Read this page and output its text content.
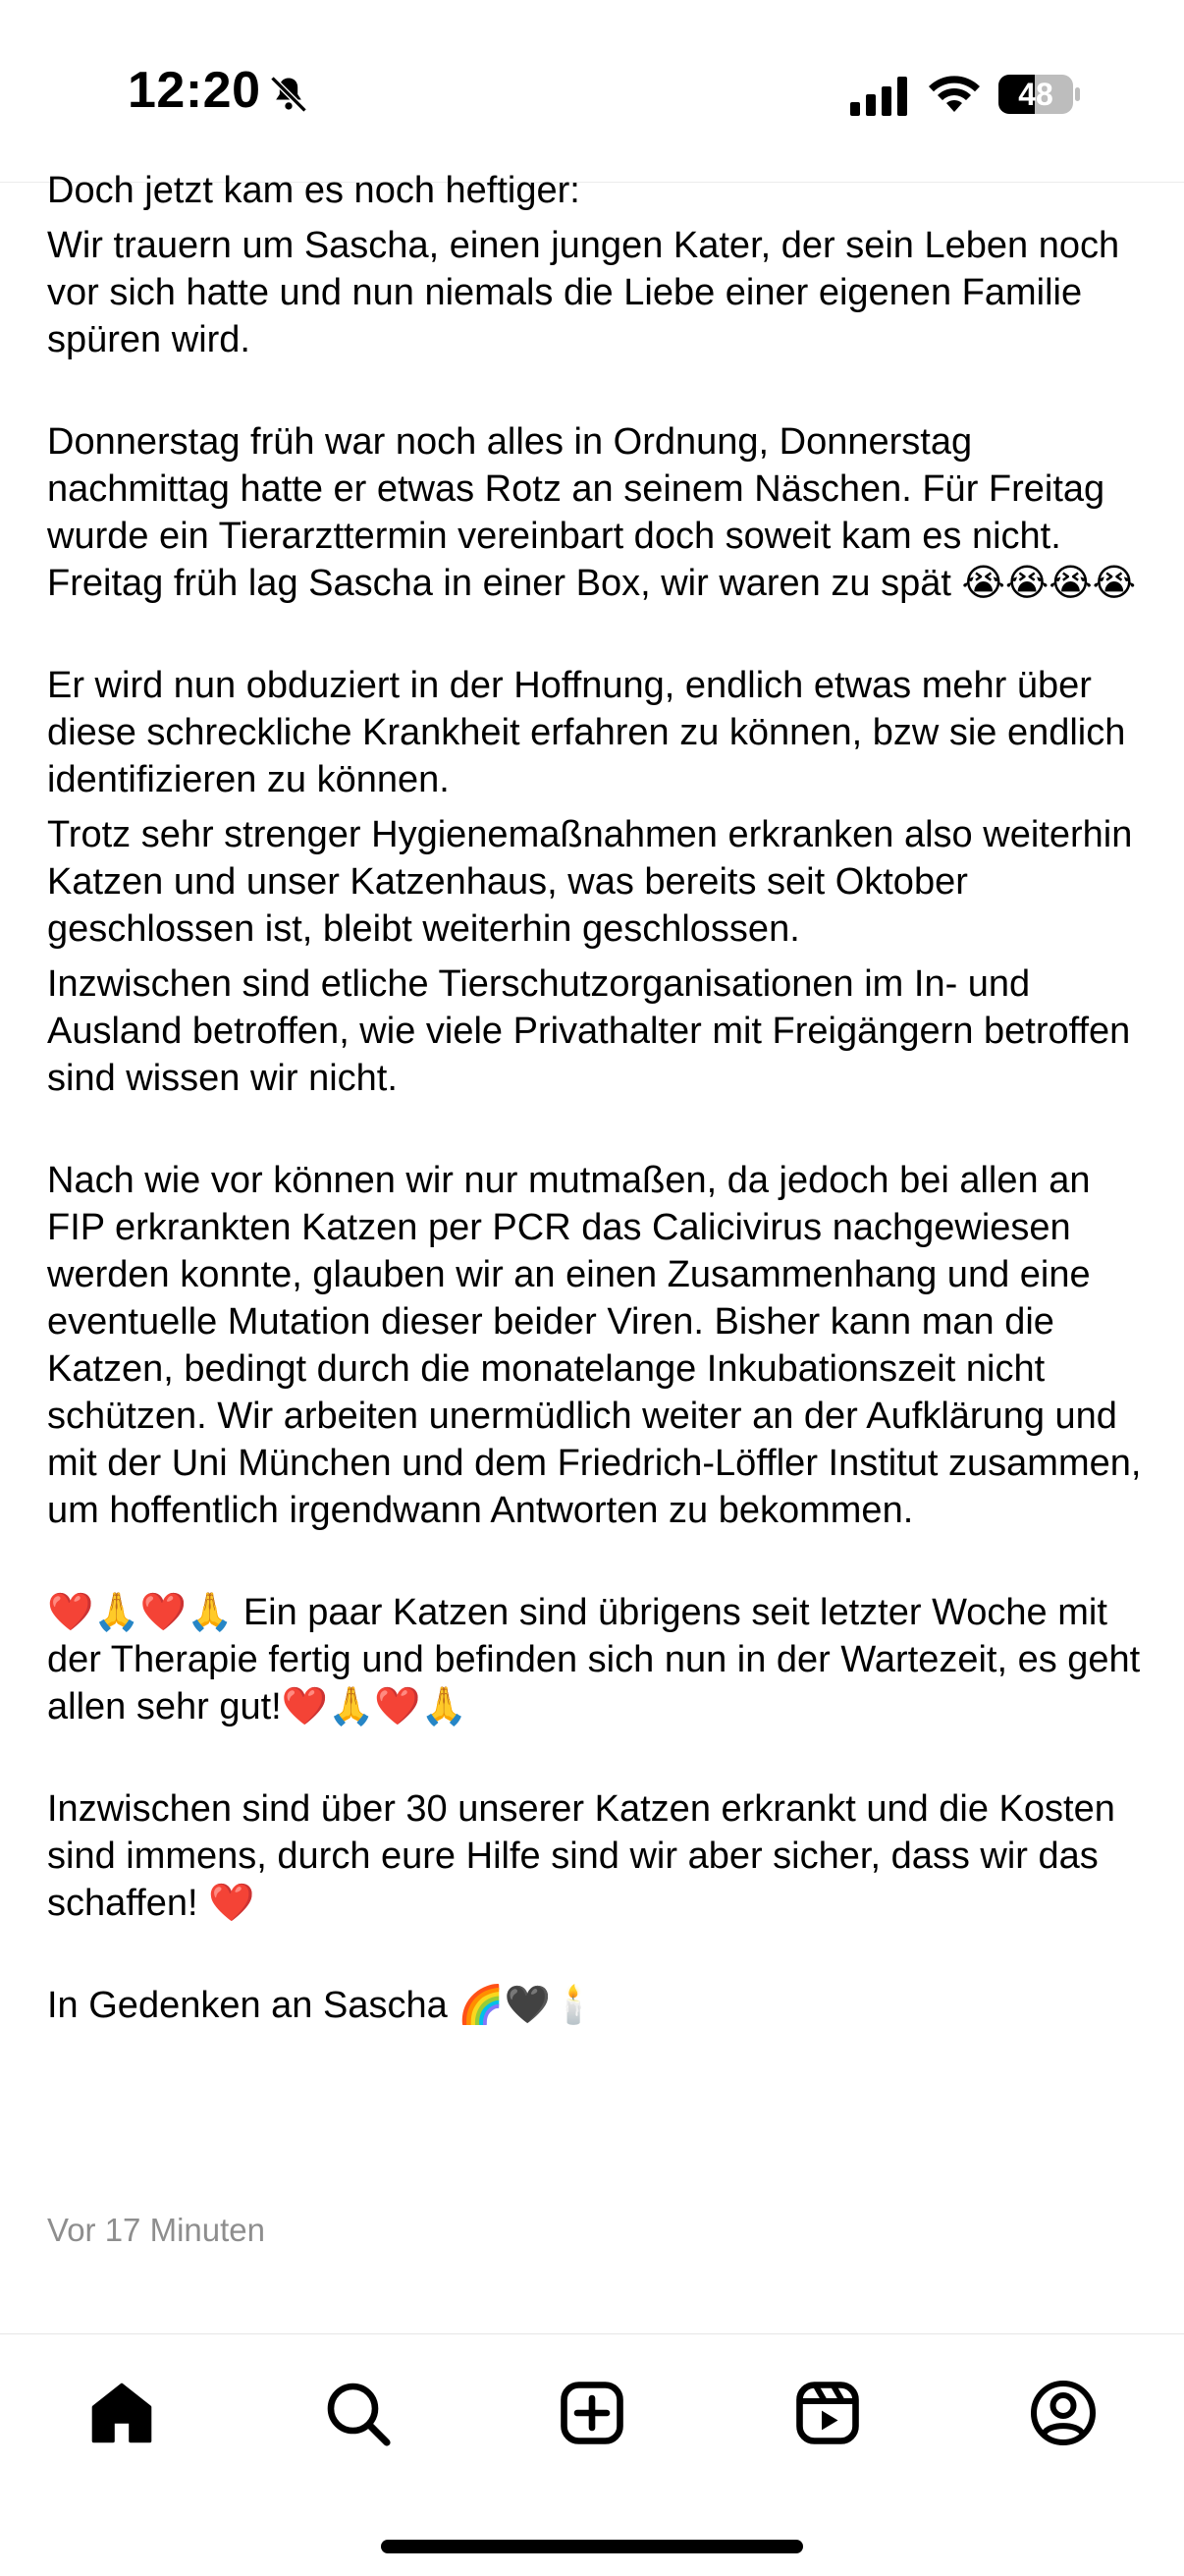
12:20	48

Doch jetzt kam es noch heftiger:

Wir trauern um Sascha, einen jungen Kater, der sein Leben noch vor sich hatte und nun niemals die Liebe einer eigenen Familie spüren wird.

Donnerstag früh war noch alles in Ordnung, Donnerstag nachmittag hatte er etwas Rotz an seinem Näschen. Für Freitag wurde ein Tierarzttermin vereinbart doch soweit kam es nicht. Freitag früh lag Sascha in einer Box, wir waren zu spät 😭😭😭😭

Er wird nun obduziert in der Hoffnung, endlich etwas mehr über diese schreckliche Krankheit erfahren zu können, bzw sie endlich identifizieren zu können.

Trotz sehr strenger Hygienemaßnahmen erkranken also weiterhin Katzen und unser Katzenhaus, was bereits seit Oktober geschlossen ist, bleibt weiterhin geschlossen.

Inzwischen sind etliche Tierschutzorganisationen im In- und Ausland betroffen, wie viele Privathalter mit Freigängern betroffen sind wissen wir nicht.

Nach wie vor können wir nur mutmaßen, da jedoch bei allen an FIP erkrankten Katzen per PCR das Calicivirus nachgewiesen werden konnte, glauben wir an einen Zusammenhang und eine eventuelle Mutation dieser beider Viren. Bisher kann man die Katzen, bedingt durch die monatelange Inkubationszeit nicht schützen. Wir arbeiten unermüdlich weiter an der Aufklärung und mit der Uni München und dem Friedrich-Löffler Institut zusammen, um hoffentlich irgendwann Antworten zu bekommen.

❤️🙏❤️🙏 Ein paar Katzen sind übrigens seit letzter Woche mit der Therapie fertig und befinden sich nun in der Wartezeit, es geht allen sehr gut!❤️🙏❤️🙏

Inzwischen sind über 30 unserer Katzen erkrankt und die Kosten sind immens, durch eure Hilfe sind wir aber sicher, dass wir das schaffen! ❤️

In Gedenken an Sascha 🌈🖤🕯️

Vor 17 Minuten
